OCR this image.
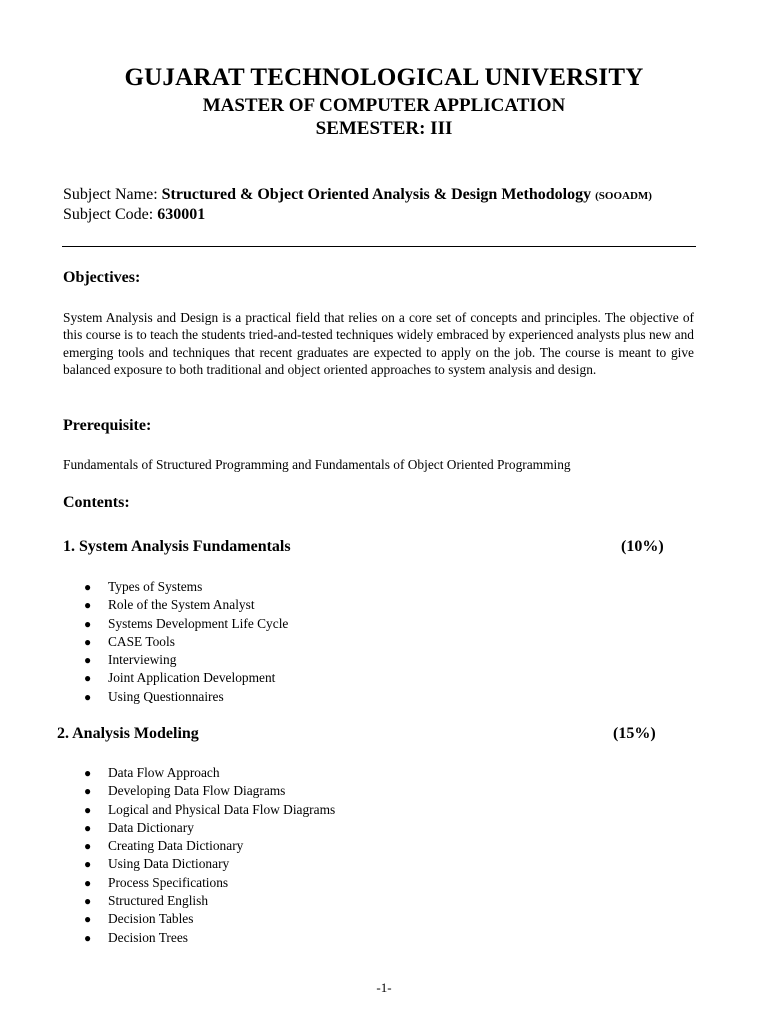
GUJARAT TECHNOLOGICAL UNIVERSITY
MASTER OF COMPUTER APPLICATION
SEMESTER: III
Subject Name: Structured & Object Oriented Analysis & Design Methodology (SOOADM)
Subject Code: 630001
Objectives:
System Analysis and Design is a practical field that relies on a core set of concepts and principles. The objective of this course is to teach the students tried-and-tested techniques widely embraced by experienced analysts plus new and emerging tools and techniques that recent graduates are expected to apply on the job. The course is meant to give balanced exposure to both traditional and object oriented approaches to system analysis and design.
Prerequisite:
Fundamentals of Structured Programming and Fundamentals of Object Oriented Programming
Contents:
1. System Analysis Fundamentals	(10%)
● Types of Systems
● Role of the System Analyst
● Systems Development Life Cycle
● CASE Tools
● Interviewing
● Joint Application Development
● Using Questionnaires
2. Analysis Modeling	(15%)
● Data Flow Approach
● Developing Data Flow Diagrams
● Logical and Physical Data Flow Diagrams
● Data Dictionary
● Creating Data Dictionary
● Using Data Dictionary
● Process Specifications
● Structured English
● Decision Tables
● Decision Trees
-1-
